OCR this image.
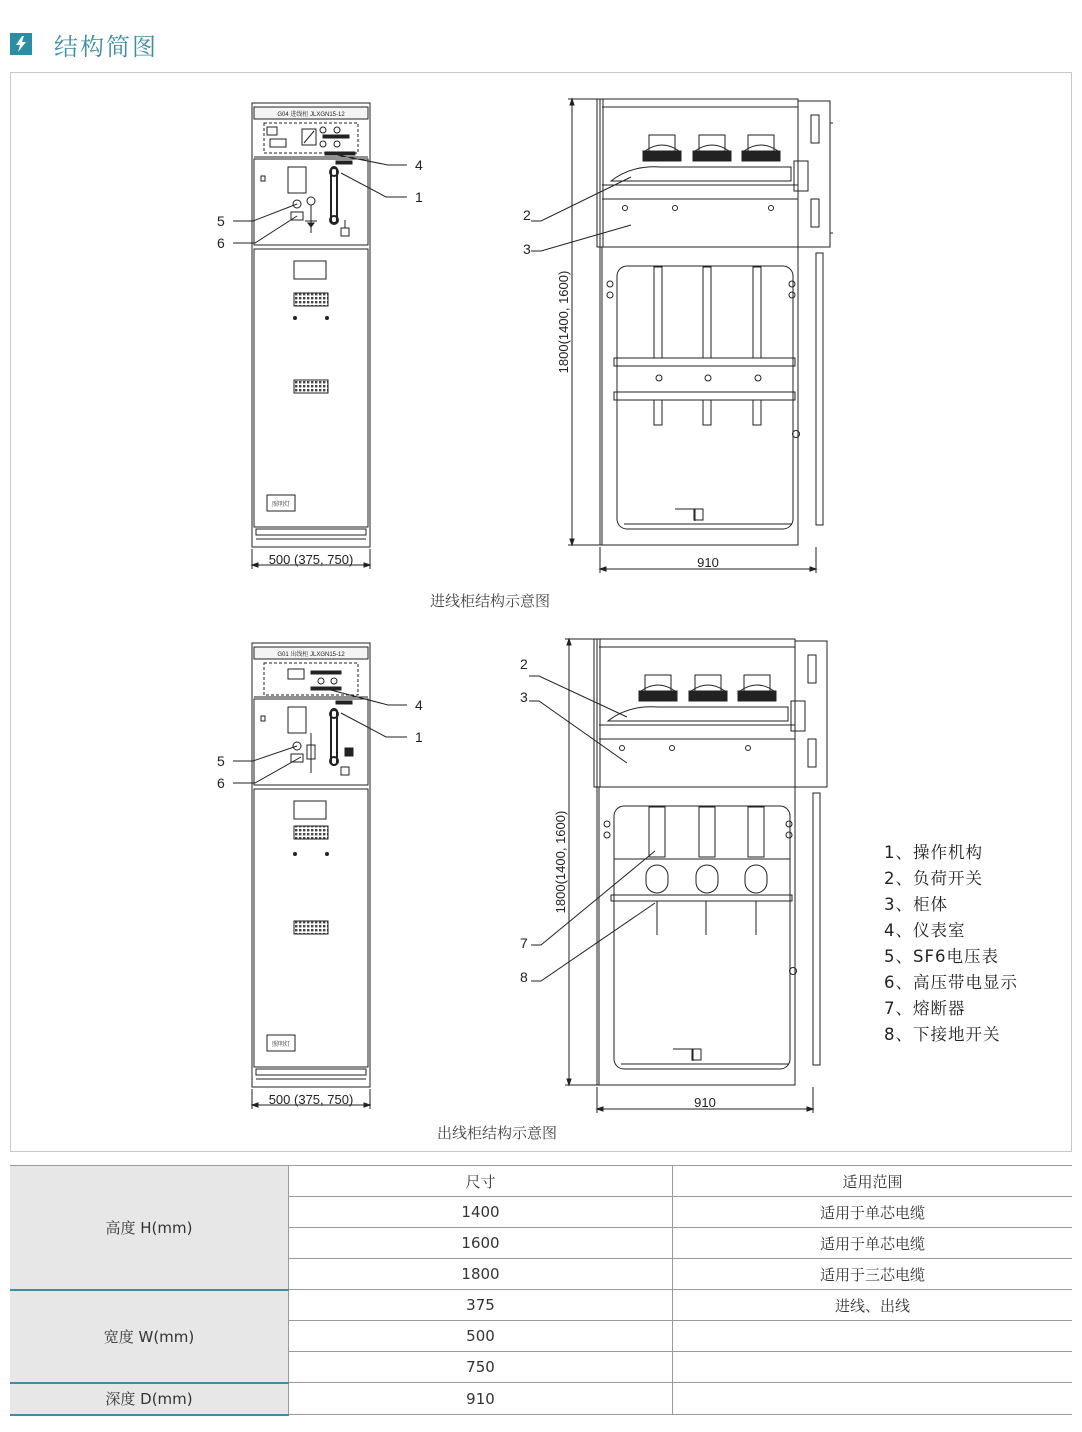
结构简图
G04 进线柜 JLXGN15-12
照明灯
500 (375, 750)	910
1800(1400, 1600)
进线柜结构示意图
4
1
5
6
2
3
G01 出线柜 JLXGN15-12
照明灯
500 (375, 750)	910
1800(1400, 1600)
出线柜结构示意图
2
3
4
1
5
6
7
8
1、操作机构
2、负荷开关
3、柜体
4、仪表室
5、SF6电压表
6、高压带电显示
7、熔断器
8、下接地开关
高度 H(mm)	尺寸	适用范围
	1400	适用于单芯电缆
	1600	适用于单芯电缆
	1800	适用于三芯电缆
宽度 W(mm)	375	进线、出线
	500	
	750	
深度 D(mm)	910	
